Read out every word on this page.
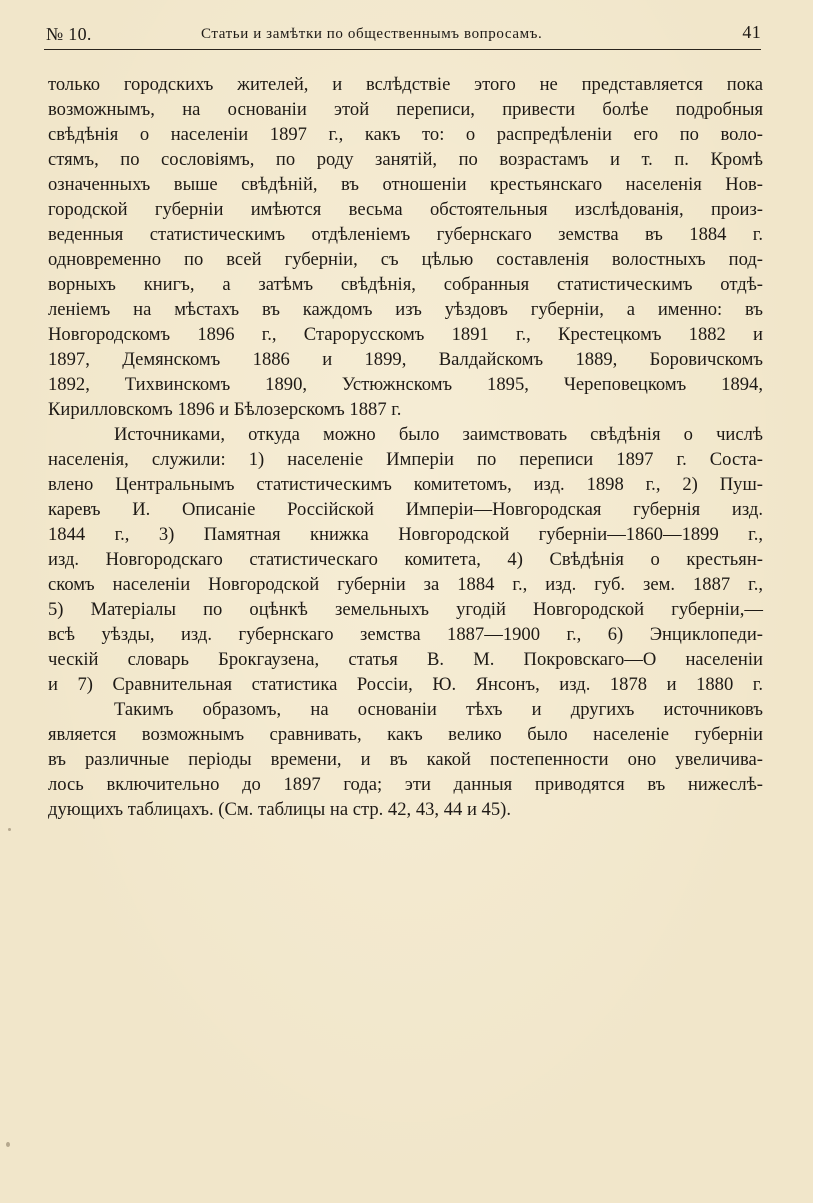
№ 10.	Статьи и замѣтки по общественнымъ вопросамъ.	41

только городскихъ жителей, и вслѣдствіе этого не представляется пока
возможнымъ, на основаніи этой переписи, привести болѣе подробныя
свѣдѣнія о населеніи 1897 г., какъ то: о распредѣленіи его по воло-
стямъ, по сословіямъ, по роду занятій, по возрастамъ и т. п. Кромѣ
означенныхъ выше свѣдѣній, въ отношеніи крестьянскаго населенія Нов-
городской губерніи имѣются весьма обстоятельныя изслѣдованія, произ-
веденныя статистическимъ отдѣленіемъ губернскаго земства въ 1884 г.
одновременно по всей губерніи, съ цѣлью составленія волостныхъ под-
ворныхъ книгъ, а затѣмъ свѣдѣнія, собранныя статистическимъ отдѣ-
леніемъ на мѣстахъ въ каждомъ изъ уѣздовъ губерніи, а именно: въ
Новгородскомъ 1896 г., Старорусскомъ 1891 г., Крестецкомъ 1882 и
1897, Демянскомъ 1886 и 1899, Валдайскомъ 1889, Боровичскомъ
1892, Тихвинскомъ 1890, Устюжнскомъ 1895, Череповецкомъ 1894,
Кирилловскомъ 1896 и Бѣлозерскомъ 1887 г.

Источниками, откуда можно было заимствовать свѣдѣнія о числѣ
населенія, служили: 1) населеніе Имперіи по переписи 1897 г. Соста-
влено Центральнымъ статистическимъ комитетомъ, изд. 1898 г., 2) Пуш-
каревъ И. Описаніе Россійской Имперіи—Новгородская губернія изд.
1844 г., 3) Памятная книжка Новгородской губерніи—1860—1899 г.,
изд. Новгородскаго статистическаго комитета, 4) Свѣдѣнія о крестьян-
скомъ населеніи Новгородской губерніи за 1884 г., изд. губ. зем. 1887 г.,
5) Матеріалы по оцѣнкѣ земельныхъ угодій Новгородской губерніи,—
всѣ уѣзды, изд. губернскаго земства 1887—1900 г., 6) Энциклопеди-
ческій словарь Брокгаузена, статья В. М. Покровскаго—О населеніи
и 7) Сравнительная статистика Россіи, Ю. Янсонъ, изд. 1878 и 1880 г.

Такимъ образомъ, на основаніи тѣхъ и другихъ источниковъ
является возможнымъ сравнивать, какъ велико было населеніе губерніи
въ различные періоды времени, и въ какой постепенности оно увеличива-
лось включительно до 1897 года; эти данныя приводятся въ нижеслѣ-
дующихъ таблицахъ. (См. таблицы на стр. 42, 43, 44 и 45).
